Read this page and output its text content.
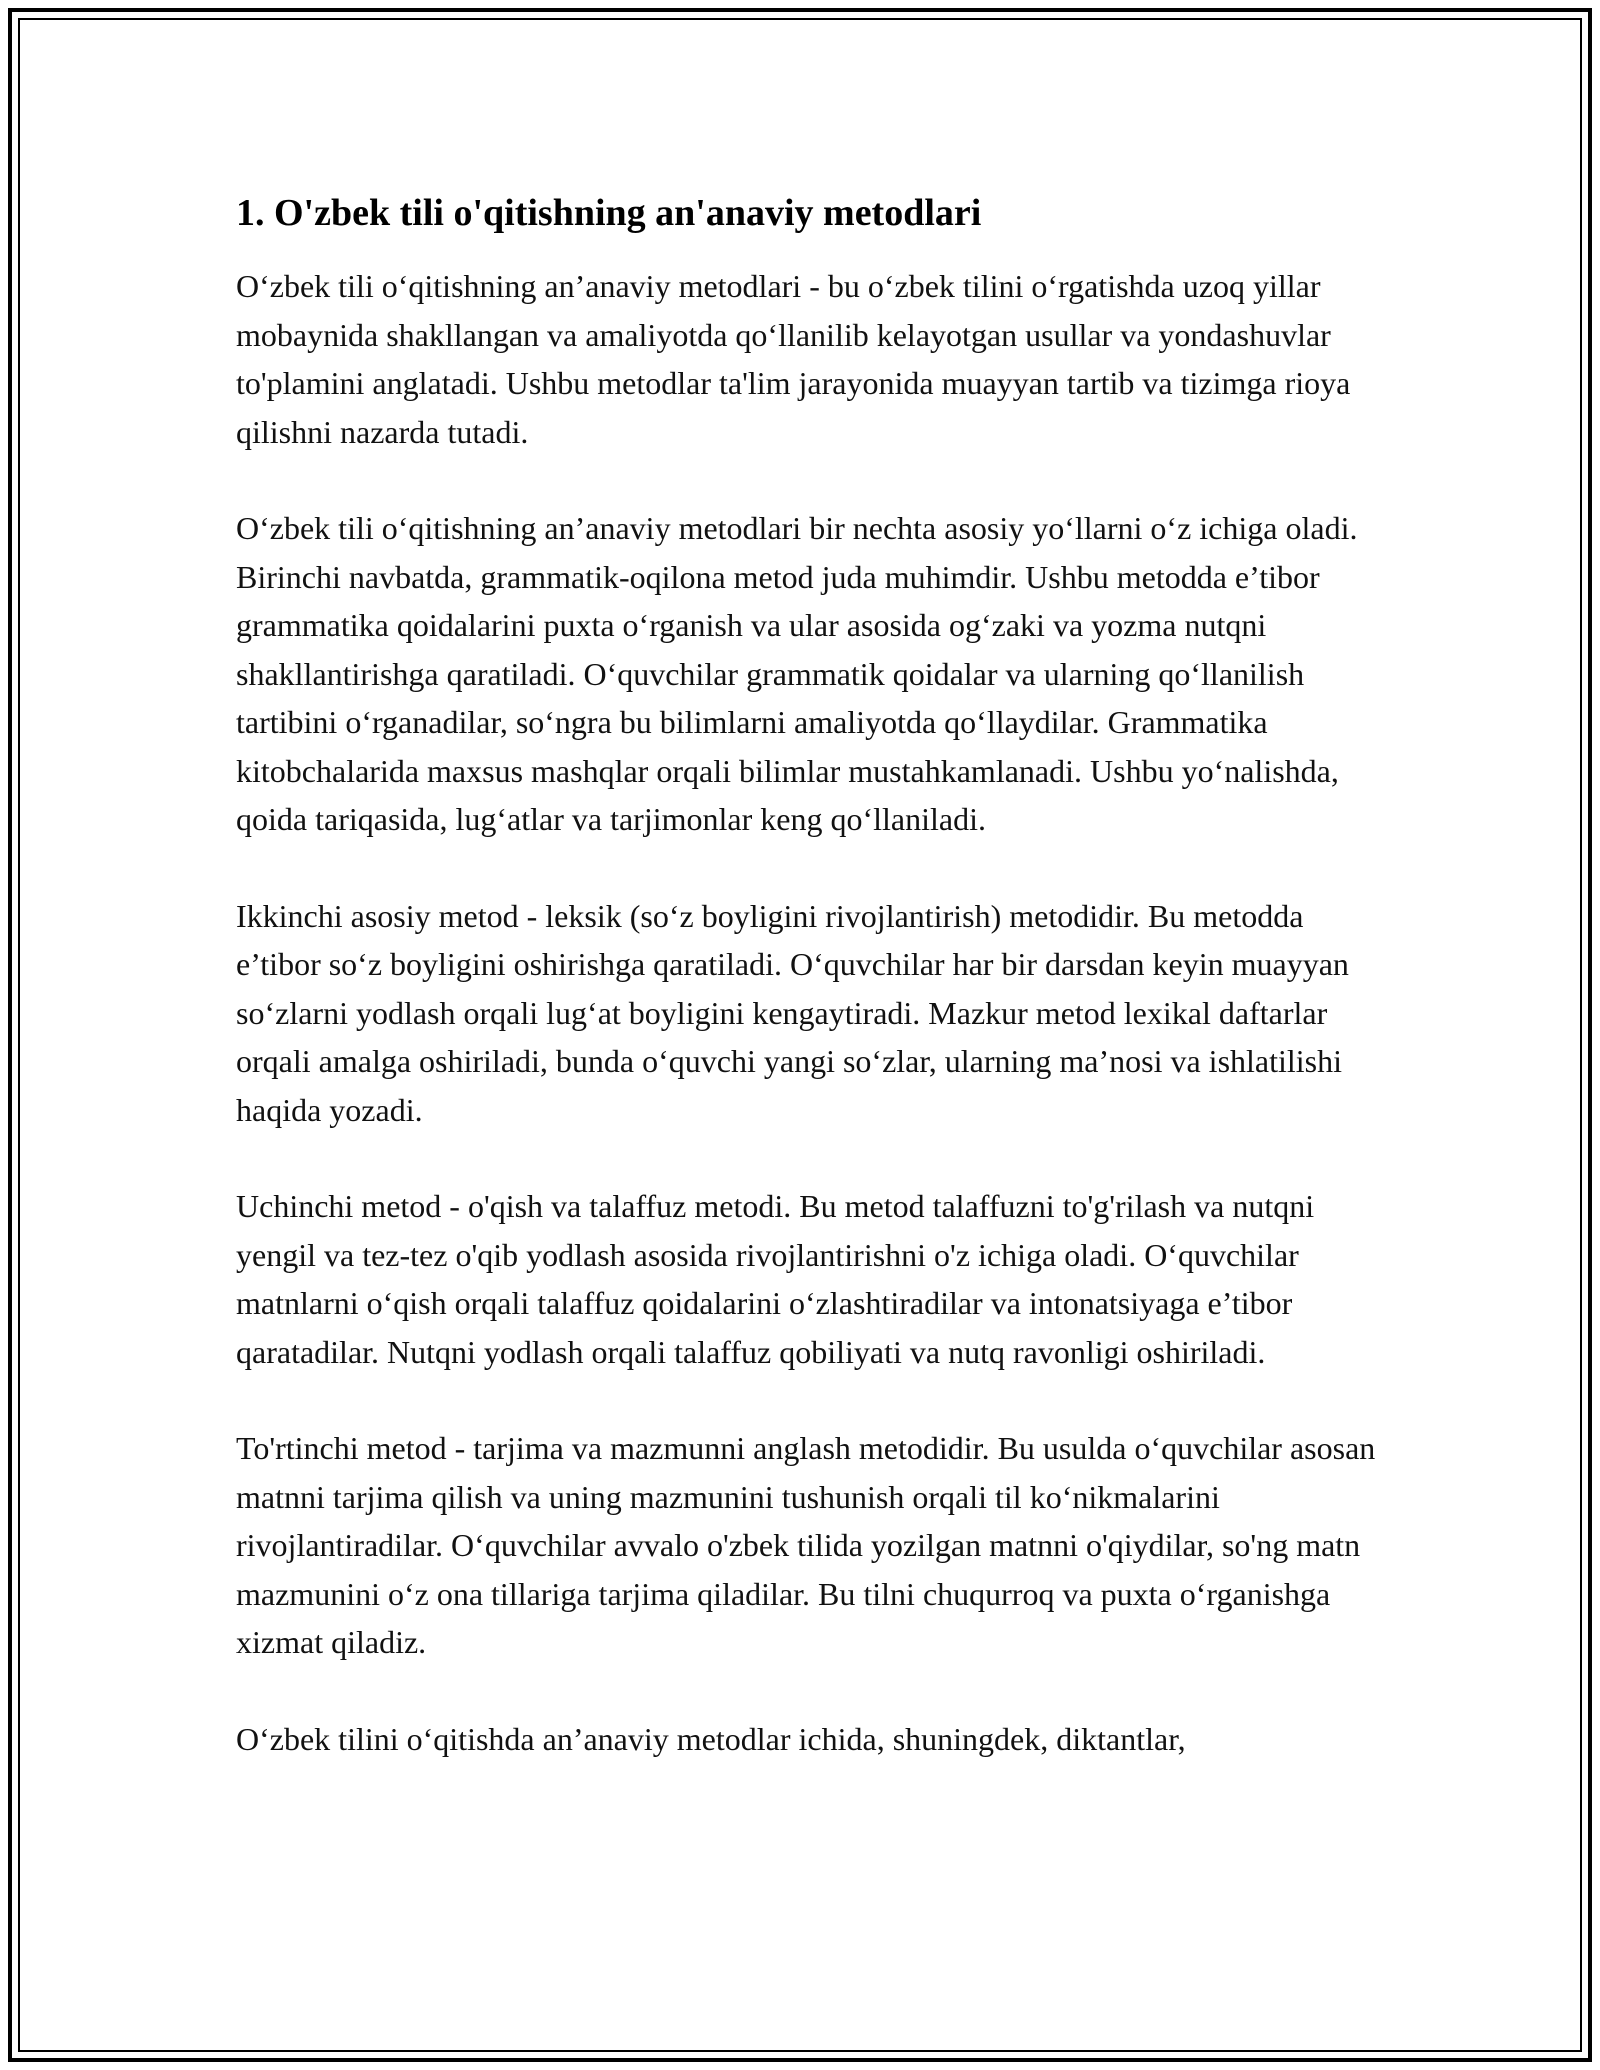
1. O'zbek tili o'qitishning an'anaviy metodlari

O‘zbek tili o‘qitishning an’anaviy metodlari - bu o‘zbek tilini o‘rgatishda uzoq yillar mobaynida shakllangan va amaliyotda qo‘llanilib kelayotgan usullar va yondashuvlar to'plamini anglatadi. Ushbu metodlar ta'lim jarayonida muayyan tartib va tizimga rioya qilishni nazarda tutadi.

O‘zbek tili o‘qitishning an’anaviy metodlari bir nechta asosiy yo‘llarni o‘z ichiga oladi. Birinchi navbatda, grammatik-oqilona metod juda muhimdir. Ushbu metodda e’tibor grammatika qoidalarini puxta o‘rganish va ular asosida og‘zaki va yozma nutqni shakllantirishga qaratiladi. O‘quvchilar grammatik qoidalar va ularning qo‘llanilish tartibini o‘rganadilar, so‘ngra bu bilimlarni amaliyotda qo‘llaydilar. Grammatika kitobchalarida maxsus mashqlar orqali bilimlar mustahkamlanadi. Ushbu yo‘nalishda, qoida tariqasida, lug‘atlar va tarjimonlar keng qo‘llaniladi.

Ikkinchi asosiy metod - leksik (so‘z boyligini rivojlantirish) metodidir. Bu metodda e’tibor so‘z boyligini oshirishga qaratiladi. O‘quvchilar har bir darsdan keyin muayyan so‘zlarni yodlash orqali lug‘at boyligini kengaytiradi. Mazkur metod lexikal daftarlar orqali amalga oshiriladi, bunda o‘quvchi yangi so‘zlar, ularning ma’nosi va ishlatilishi haqida yozadi.

Uchinchi metod - o'qish va talaffuz metodi. Bu metod talaffuzni to'g'rilash va nutqni yengil va tez-tez o'qib yodlash asosida rivojlantirishni o'z ichiga oladi. O‘quvchilar matnlarni o‘qish orqali talaffuz qoidalarini o‘zlashtiradilar va intonatsiyaga e’tibor qaratadilar. Nutqni yodlash orqali talaffuz qobiliyati va nutq ravonligi oshiriladi.

To'rtinchi metod - tarjima va mazmunni anglash metodidir. Bu usulda o‘quvchilar asosan matnni tarjima qilish va uning mazmunini tushunish orqali til ko‘nikmalarini rivojlantiradilar. O‘quvchilar avvalo o'zbek tilida yozilgan matnni o'qiydilar, so'ng matn mazmunini o‘z ona tillariga tarjima qiladilar. Bu tilni chuqurroq va puxta o‘rganishga xizmat qiladiz.

O‘zbek tilini o‘qitishda an’anaviy metodlar ichida, shuningdek, diktantlar,
